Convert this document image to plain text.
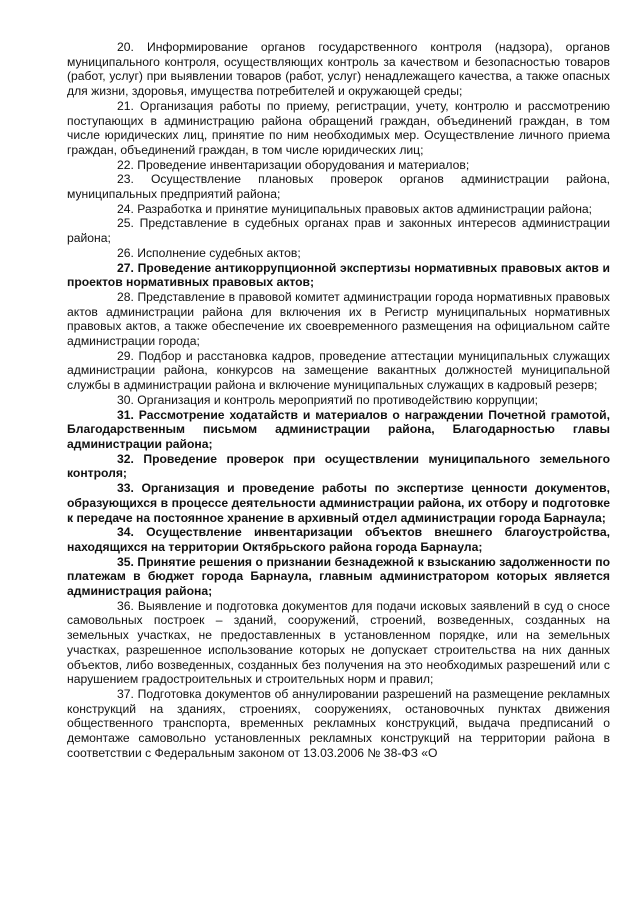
20. Информирование органов государственного контроля (надзора), органов муниципального контроля, осуществляющих контроль за качеством и безопасностью товаров (работ, услуг) при выявлении товаров (работ, услуг) ненадлежащего качества, а также опасных для жизни, здоровья, имущества потребителей и окружающей среды;

21. Организация работы по приему, регистрации, учету, контролю и рассмотрению поступающих в администрацию района обращений граждан, объединений граждан, в том числе юридических лиц, принятие по ним необходимых мер. Осуществление личного приема граждан, объединений граждан, в том числе юридических лиц;

22. Проведение инвентаризации оборудования и материалов;

23. Осуществление плановых проверок органов администрации района, муниципальных предприятий района;

24. Разработка и принятие муниципальных правовых актов администрации района;

25. Представление в судебных органах прав и законных интересов администрации района;

26. Исполнение судебных актов;

27. Проведение антикоррупционной экспертизы нормативных правовых актов и проектов нормативных правовых актов;

28. Представление в правовой комитет администрации города нормативных правовых актов администрации района для включения их в Регистр муниципальных нормативных правовых актов, а также обеспечение их своевременного размещения на официальном сайте администрации города;

29. Подбор и расстановка кадров, проведение аттестации муниципальных служащих администрации района, конкурсов на замещение вакантных должностей муниципальной службы в администрации района и включение муниципальных служащих в кадровый резерв;

30. Организация и контроль мероприятий по противодействию коррупции;

31. Рассмотрение ходатайств и материалов о награждении Почетной грамотой, Благодарственным письмом администрации района, Благодарностью главы администрации района;

32. Проведение проверок при осуществлении муниципального земельного контроля;

33. Организация и проведение работы по экспертизе ценности документов, образующихся в процессе деятельности администрации района, их отбору и подготовке к передаче на постоянное хранение в архивный отдел администрации города Барнаула;

34. Осуществление инвентаризации объектов внешнего благоустройства, находящихся на территории Октябрьского района города Барнаула;

35. Принятие решения о признании безнадежной к взысканию задолженности по платежам в бюджет города Барнаула, главным администратором которых является администрация района;

36. Выявление и подготовка документов для подачи исковых заявлений в суд о сносе самовольных построек – зданий, сооружений, строений, возведенных, созданных на земельных участках, не предоставленных в установленном порядке, или на земельных участках, разрешенное использование которых не допускает строительства на них данных объектов, либо возведенных, созданных без получения на это необходимых разрешений или с нарушением градостроительных и строительных норм и правил;

37. Подготовка документов об аннулировании разрешений на размещение рекламных конструкций на зданиях, строениях, сооружениях, остановочных пунктах движения общественного транспорта, временных рекламных конструкций, выдача предписаний о демонтаже самовольно установленных рекламных конструкций на территории района в соответствии с Федеральным законом от 13.03.2006 № 38-ФЗ «О
